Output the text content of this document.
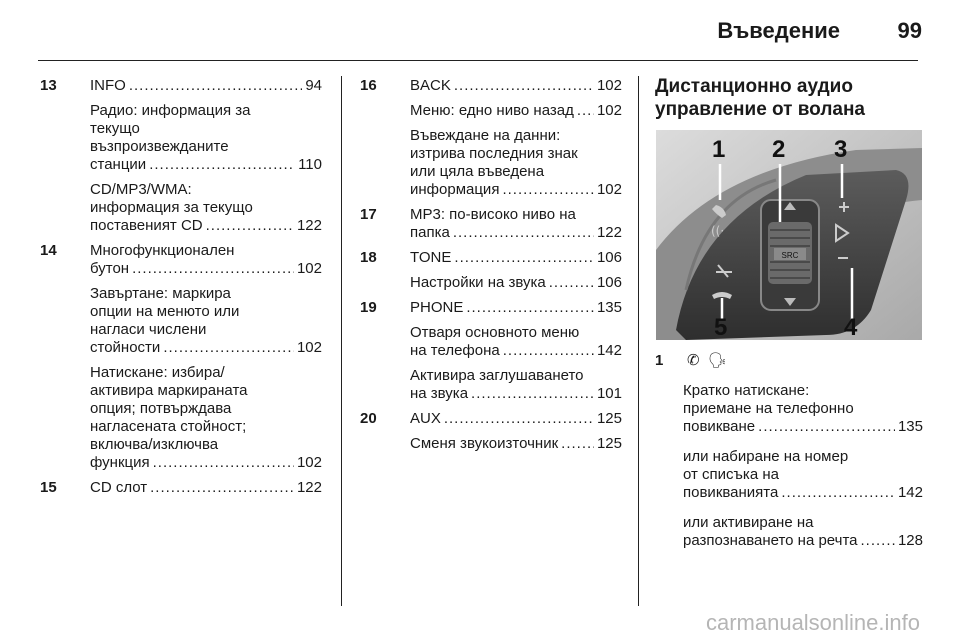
Въведение	99
13	INFO .....	94
Радио: информация за
текущо
възпроизвежданите
станции .....	110
CD/MP3/WMA:
информация за текущо
поставеният CD .....	122
14	Многофункционален
бутон .....	102
Завъртане: маркира
опции на менюто или
нагласи числени
стойности .....	102
Натискане: избира/
активира маркираната
опция; потвърждава
нагласената стойност;
включва/изключва
функция .....	102
15	CD слот .....	122
16	BACK .....	102
Меню: едно ниво назад ..... 102
Въвеждане на данни:
изтрива последния знак
или цяла въведена
информация .....	102
17	MP3: по-високо ниво на
папка .....	122
18	TONE .....	106
Настройки на звука .....	106
19	PHONE .....	135
Отваря основното меню
на телефона .....	142
Активира заглушаването
на звука .....	101
20	AUX .....	125
Сменя звукоизточник .....	125
Дистанционно аудио
управление от волана
SRC
((·
1 2 3
4
5
1	✆ 🗣
Кратко натискане:
приемане на телефонно
повикване .....	135
или набиране на номер
от списъка на
повикванията .....	142
или активиране на
разпознаването на речта .....	128
carmanualsonline.info
